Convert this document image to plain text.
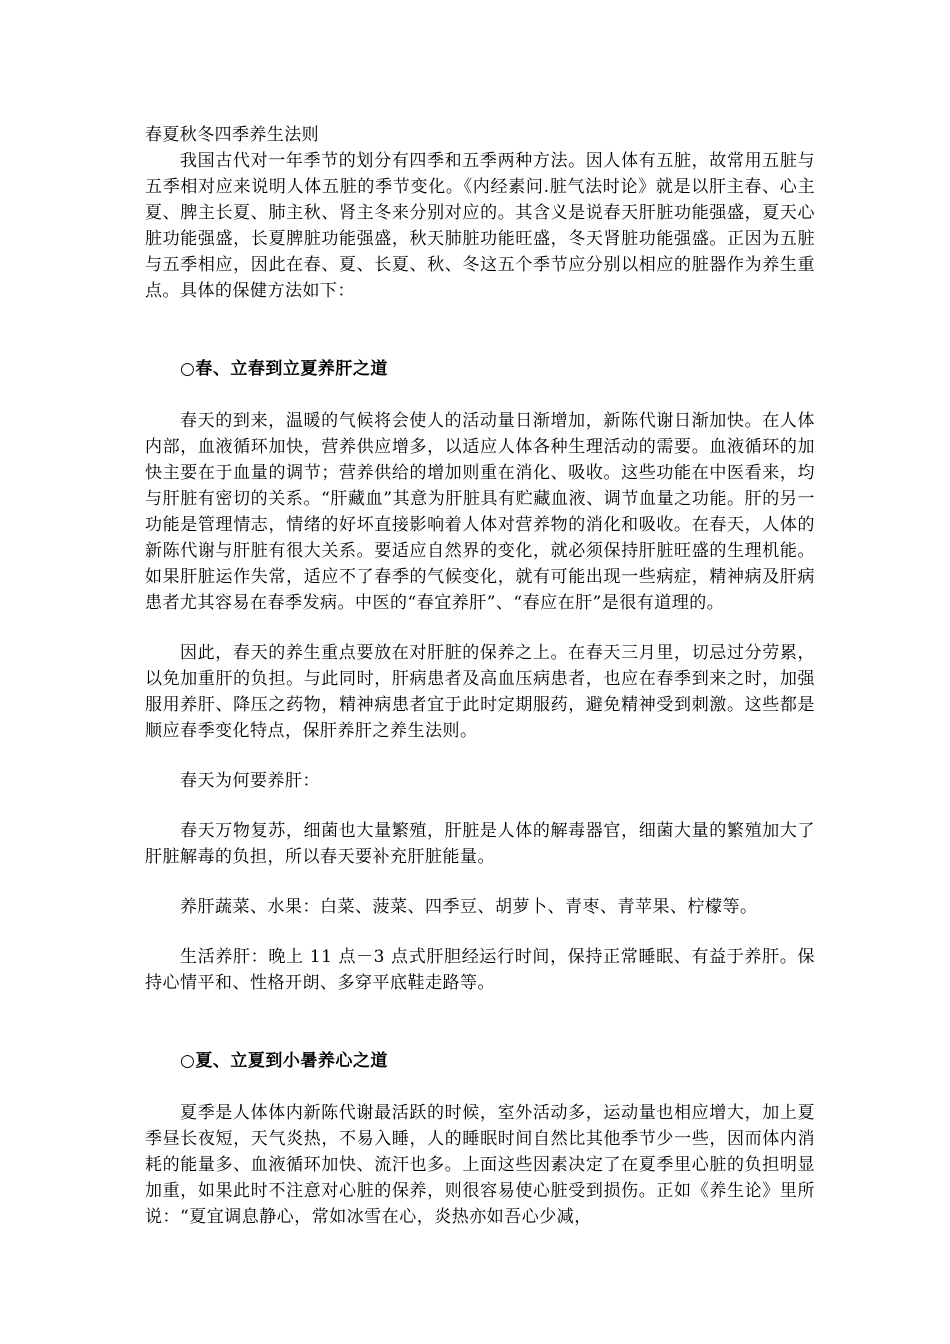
春夏秋冬四季养生法则

我国古代对一年季节的划分有四季和五季两种方法。因人体有五脏，故常用五脏与五季相对应来说明人体五脏的季节变化。《内经素问.脏气法时论》就是以肝主春、心主夏、脾主长夏、肺主秋、肾主冬来分别对应的。其含义是说春天肝脏功能强盛，夏天心脏功能强盛，长夏脾脏功能强盛，秋天肺脏功能旺盛，冬天肾脏功能强盛。正因为五脏与五季相应，因此在春、夏、长夏、秋、冬这五个季节应分别以相应的脏器作为养生重点。具体的保健方法如下：

○春、立春到立夏养肝之道

春天的到来，温暖的气候将会使人的活动量日渐增加，新陈代谢日渐加快。在人体内部，血液循环加快，营养供应增多，以适应人体各种生理活动的需要。血液循环的加快主要在于血量的调节；营养供给的增加则重在消化、吸收。这些功能在中医看来，均与肝脏有密切的关系。“肝藏血”其意为肝脏具有贮藏血液、调节血量之功能。肝的另一功能是管理情志，情绪的好坏直接影响着人体对营养物的消化和吸收。在春天，人体的新陈代谢与肝脏有很大关系。要适应自然界的变化，就必须保持肝脏旺盛的生理机能。如果肝脏运作失常，适应不了春季的气候变化，就有可能出现一些病症，精神病及肝病患者尤其容易在春季发病。中医的“春宜养肝”、“春应在肝”是很有道理的。

因此，春天的养生重点要放在对肝脏的保养之上。在春天三月里，切忌过分劳累，以免加重肝的负担。与此同时，肝病患者及高血压病患者，也应在春季到来之时，加强服用养肝、降压之药物，精神病患者宜于此时定期服药，避免精神受到刺激。这些都是顺应春季变化特点，保肝养肝之养生法则。

春天为何要养肝：

春天万物复苏，细菌也大量繁殖，肝脏是人体的解毒器官，细菌大量的繁殖加大了肝脏解毒的负担，所以春天要补充肝脏能量。

养肝蔬菜、水果：白菜、菠菜、四季豆、胡萝卜、青枣、青苹果、柠檬等。

生活养肝：晚上 11 点－3 点式肝胆经运行时间，保持正常睡眠、有益于养肝。保持心情平和、性格开朗、多穿平底鞋走路等。

○夏、立夏到小暑养心之道

夏季是人体体内新陈代谢最活跃的时候，室外活动多，运动量也相应增大，加上夏季昼长夜短，天气炎热，不易入睡，人的睡眠时间自然比其他季节少一些，因而体内消耗的能量多、血液循环加快、流汗也多。上面这些因素决定了在夏季里心脏的负担明显加重，如果此时不注意对心脏的保养，则很容易使心脏受到损伤。正如《养生论》里所说：“夏宜调息静心，常如冰雪在心，炎热亦如吾心少减，
